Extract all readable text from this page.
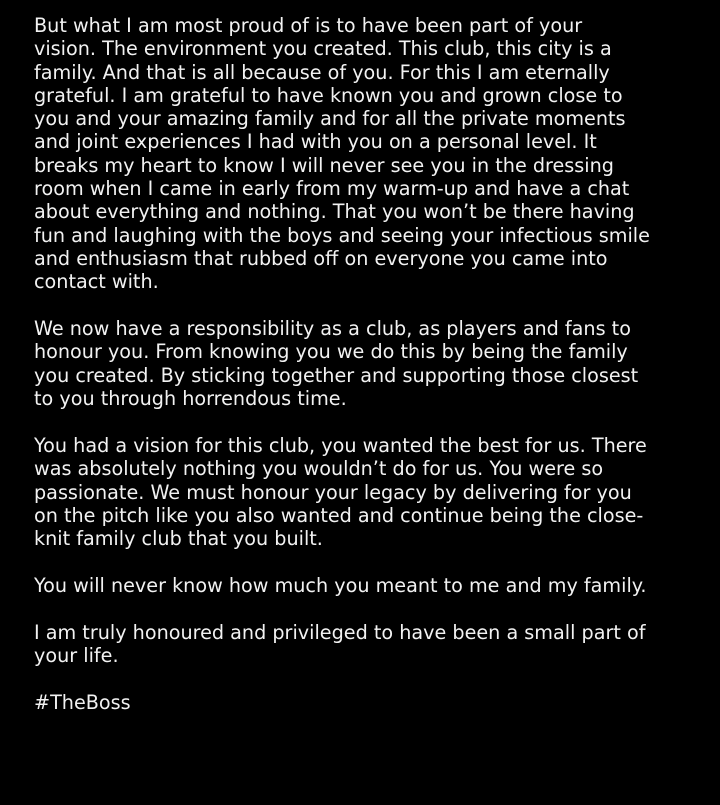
But what I am most proud of is to have been part of your
vision. The environment you created. This club, this city is a
family. And that is all because of you. For this I am eternally
grateful. I am grateful to have known you and grown close to
you and your amazing family and for all the private moments
and joint experiences I had with you on a personal level. It
breaks my heart to know I will never see you in the dressing
room when I came in early from my warm-up and have a chat
about everything and nothing. That you won’t be there having
fun and laughing with the boys and seeing your infectious smile
and enthusiasm that rubbed off on everyone you came into
contact with.
We now have a responsibility as a club, as players and fans to
honour you. From knowing you we do this by being the family
you created. By sticking together and supporting those closest
to you through horrendous time.
You had a vision for this club, you wanted the best for us. There
was absolutely nothing you wouldn’t do for us. You were so
passionate. We must honour your legacy by delivering for you
on the pitch like you also wanted and continue being the close-
knit family club that you built.
You will never know how much you meant to me and my family.
I am truly honoured and privileged to have been a small part of
your life.
#TheBoss
